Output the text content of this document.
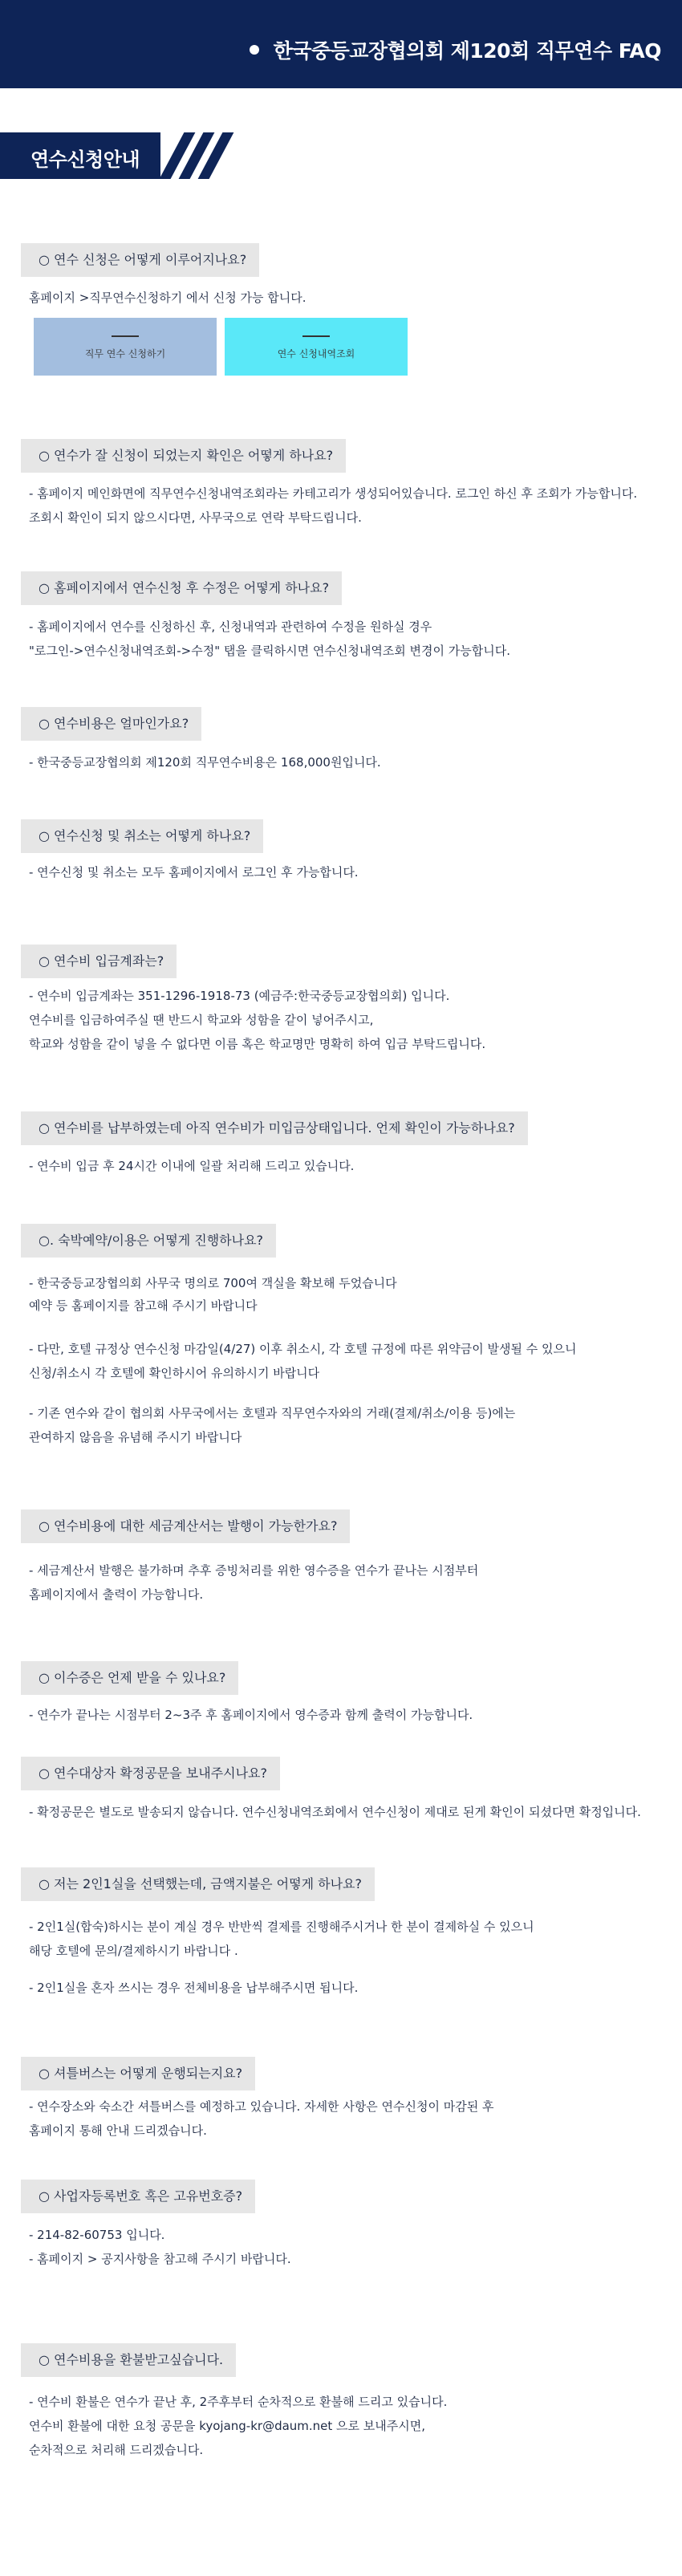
한국중등교장협의회 제120회 직무연수 FAQ
연수신청안내
○ 연수 신청은 어떻게 이루어지나요?
홈페이지 >직무연수신청하기 에서 신청 가능 합니다.
직무 연수 신청하기	연수 신청내역조회
○ 연수가 잘 신청이 되었는지 확인은 어떻게 하나요?
- 홈페이지 메인화면에 직무연수신청내역조회라는 카테고리가 생성되어있습니다. 로그인 하신 후 조회가 가능합니다.
조회시 확인이 되지 않으시다면, 사무국으로 연락 부탁드립니다.
○ 홈페이지에서 연수신청 후 수정은 어떻게 하나요?
- 홈페이지에서 연수를 신청하신 후, 신청내역과 관련하여 수정을 원하실 경우
"로그인->연수신청내역조회->수정" 탭을 클릭하시면 연수신청내역조회 변경이 가능합니다.
○ 연수비용은 얼마인가요?
- 한국중등교장협의회 제120회 직무연수비용은 168,000원입니다.
○ 연수신청 및 취소는 어떻게 하나요?
- 연수신청 및 취소는 모두 홈페이지에서 로그인 후 가능합니다.
○ 연수비 입금계좌는?
- 연수비 입금계좌는 351-1296-1918-73 (예금주:한국중등교장협의회) 입니다.
연수비를 입금하여주실 땐 반드시 학교와 성함을 같이 넣어주시고,
학교와 성함을 같이 넣을 수 없다면 이름 혹은 학교명만 명확히 하여 입금 부탁드립니다.
○ 연수비를 납부하였는데 아직 연수비가 미입금상태입니다. 언제 확인이 가능하나요?
- 연수비 입금 후 24시간 이내에 일괄 처리해 드리고 있습니다.
○. 숙박예약/이용은 어떻게 진행하나요?
- 한국중등교장협의회 사무국 명의로 700여 객실을 확보해 두었습니다
예약 등 홈페이지를 참고해 주시기 바랍니다
- 다만, 호텔 규정상 연수신청 마감일(4/27) 이후 취소시, 각 호텔 규정에 따른 위약금이 발생될 수 있으니
신청/취소시 각 호텔에 확인하시어 유의하시기 바랍니다
- 기존 연수와 같이 협의회 사무국에서는 호텔과 직무연수자와의 거래(결제/취소/이용 등)에는
관여하지 않음을 유념해 주시기 바랍니다
○ 연수비용에 대한 세금계산서는 발행이 가능한가요?
- 세금계산서 발행은 불가하며 추후 증빙처리를 위한 영수증을 연수가 끝나는 시점부터
홈페이지에서 출력이 가능합니다.
○ 이수증은 언제 받을 수 있나요?
- 연수가 끝나는 시점부터 2~3주 후 홈페이지에서 영수증과 함께 출력이 가능합니다.
○ 연수대상자 확정공문을 보내주시나요?
- 확정공문은 별도로 발송되지 않습니다. 연수신청내역조회에서 연수신청이 제대로 된게 확인이 되셨다면 확정입니다.
○ 저는 2인1실을 선택했는데, 금액지불은 어떻게 하나요?
- 2인1실(합숙)하시는 분이 계실 경우 반반씩 결제를 진행해주시거나 한 분이 결제하실 수 있으니
해당 호텔에 문의/결제하시기 바랍니다 .
- 2인1실을 혼자 쓰시는 경우 전체비용을 납부해주시면 됩니다.
○ 셔틀버스는 어떻게 운행되는지요?
- 연수장소와 숙소간 셔틀버스를 예정하고 있습니다. 자세한 사항은 연수신청이 마감된 후
홈페이지 통해 안내 드리겠습니다.
○ 사업자등록번호 혹은 고유번호증?
- 214-82-60753 입니다.
- 홈페이지 > 공지사항을 참고해 주시기 바랍니다.
○ 연수비용을 환불받고싶습니다.
- 연수비 환불은 연수가 끝난 후, 2주후부터 순차적으로 환불해 드리고 있습니다.
연수비 환불에 대한 요청 공문을 kyojang-kr@daum.net 으로 보내주시면,
순차적으로 처리해 드리겠습니다.
